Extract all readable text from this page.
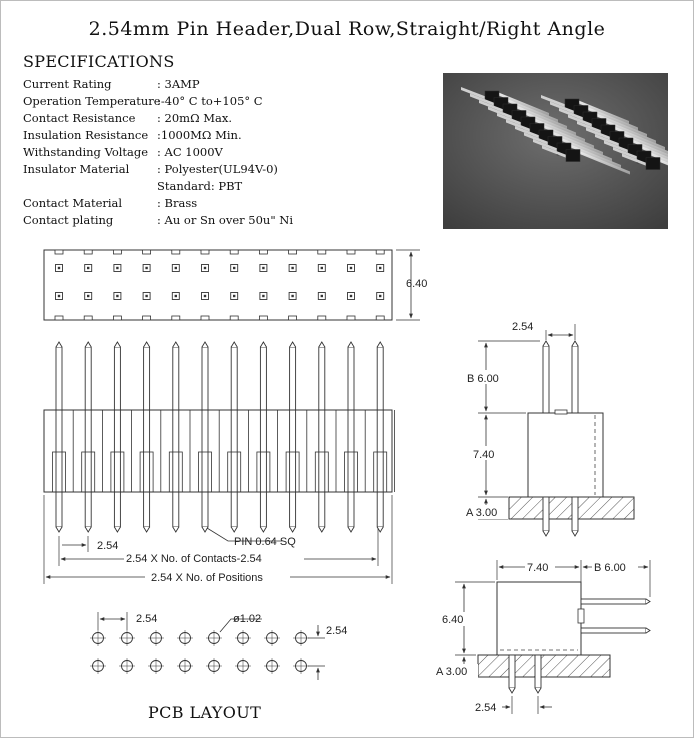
2.54mm Pin Header,Dual Row,Straight/Right Angle
SPECIFICATIONS
Current Rating	: 3AMP
Operation Temperature
:-40° C to+105° C
Contact Resistance : 20mΩ Max.
Insulation Resistance :1000MΩ Min.
Withstanding Voltage : AC 1000V
Insulator Material : Polyester(UL94V-0)
Standard: PBT
Contact Material	: Brass
Contact plating	: Au or Sn over 50u" Ni
6.40
PIN 0.64 SQ
2.54
2.54 X No. of Contacts-2.54
2.54 X No. of Positions
2.54
B 6.00
7.40
A 3.00
7.40	B 6.00
6.40
A 3.00
2.54
2.54	ø1.02
2.54
PCB LAYOUT
